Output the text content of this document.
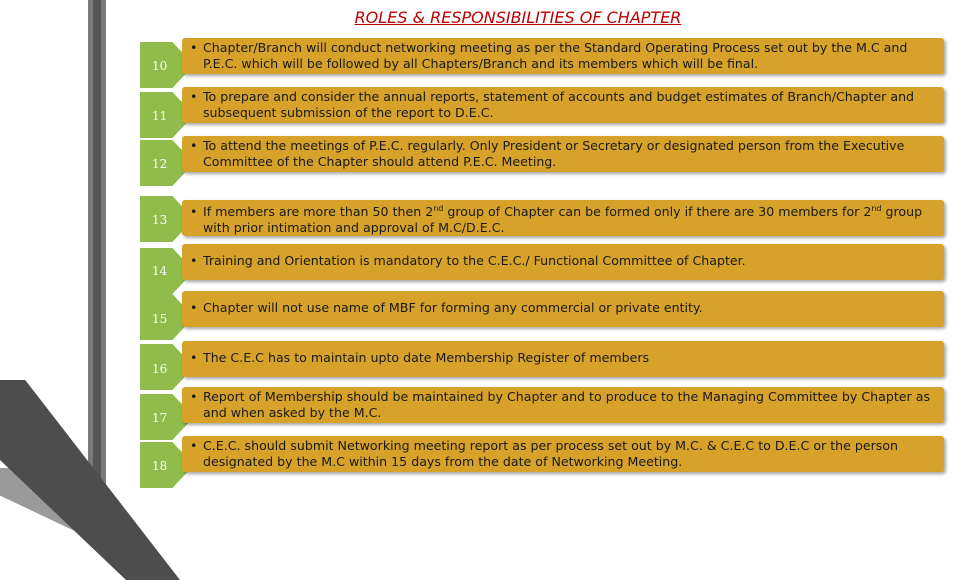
ROLES & RESPONSIBILITIES OF CHAPTER
10
• Chapter/Branch will conduct networking meeting as per the Standard Operating Process set out by the M.C and P.E.C. which will be followed by all Chapters/Branch and its members which will be final.
11
• To prepare and consider the annual reports, statement of accounts and budget estimates of Branch/Chapter and subsequent submission of the report to D.E.C.
12
• To attend the meetings of P.E.C. regularly. Only President or Secretary or designated person from the Executive Committee of the Chapter should attend P.E.C. Meeting.
13
• If members are more than 50 then 2nd group of Chapter can be formed only if there are 30 members for 2nd group with prior intimation and approval of M.C/D.E.C.
14
• Training and Orientation is mandatory to the C.E.C./ Functional Committee of Chapter.
15
• Chapter will not use name of MBF for forming any commercial or private entity.
16
• The C.E.C has to maintain upto date Membership Register of members
17
• Report of Membership should be maintained by Chapter and to produce to the Managing Committee by Chapter as and when asked by the M.C.
18
• C.E.C. should submit Networking meeting report as per process set out by M.C. & C.E.C to D.E.C or the person designated by the M.C within 15 days from the date of Networking Meeting.
